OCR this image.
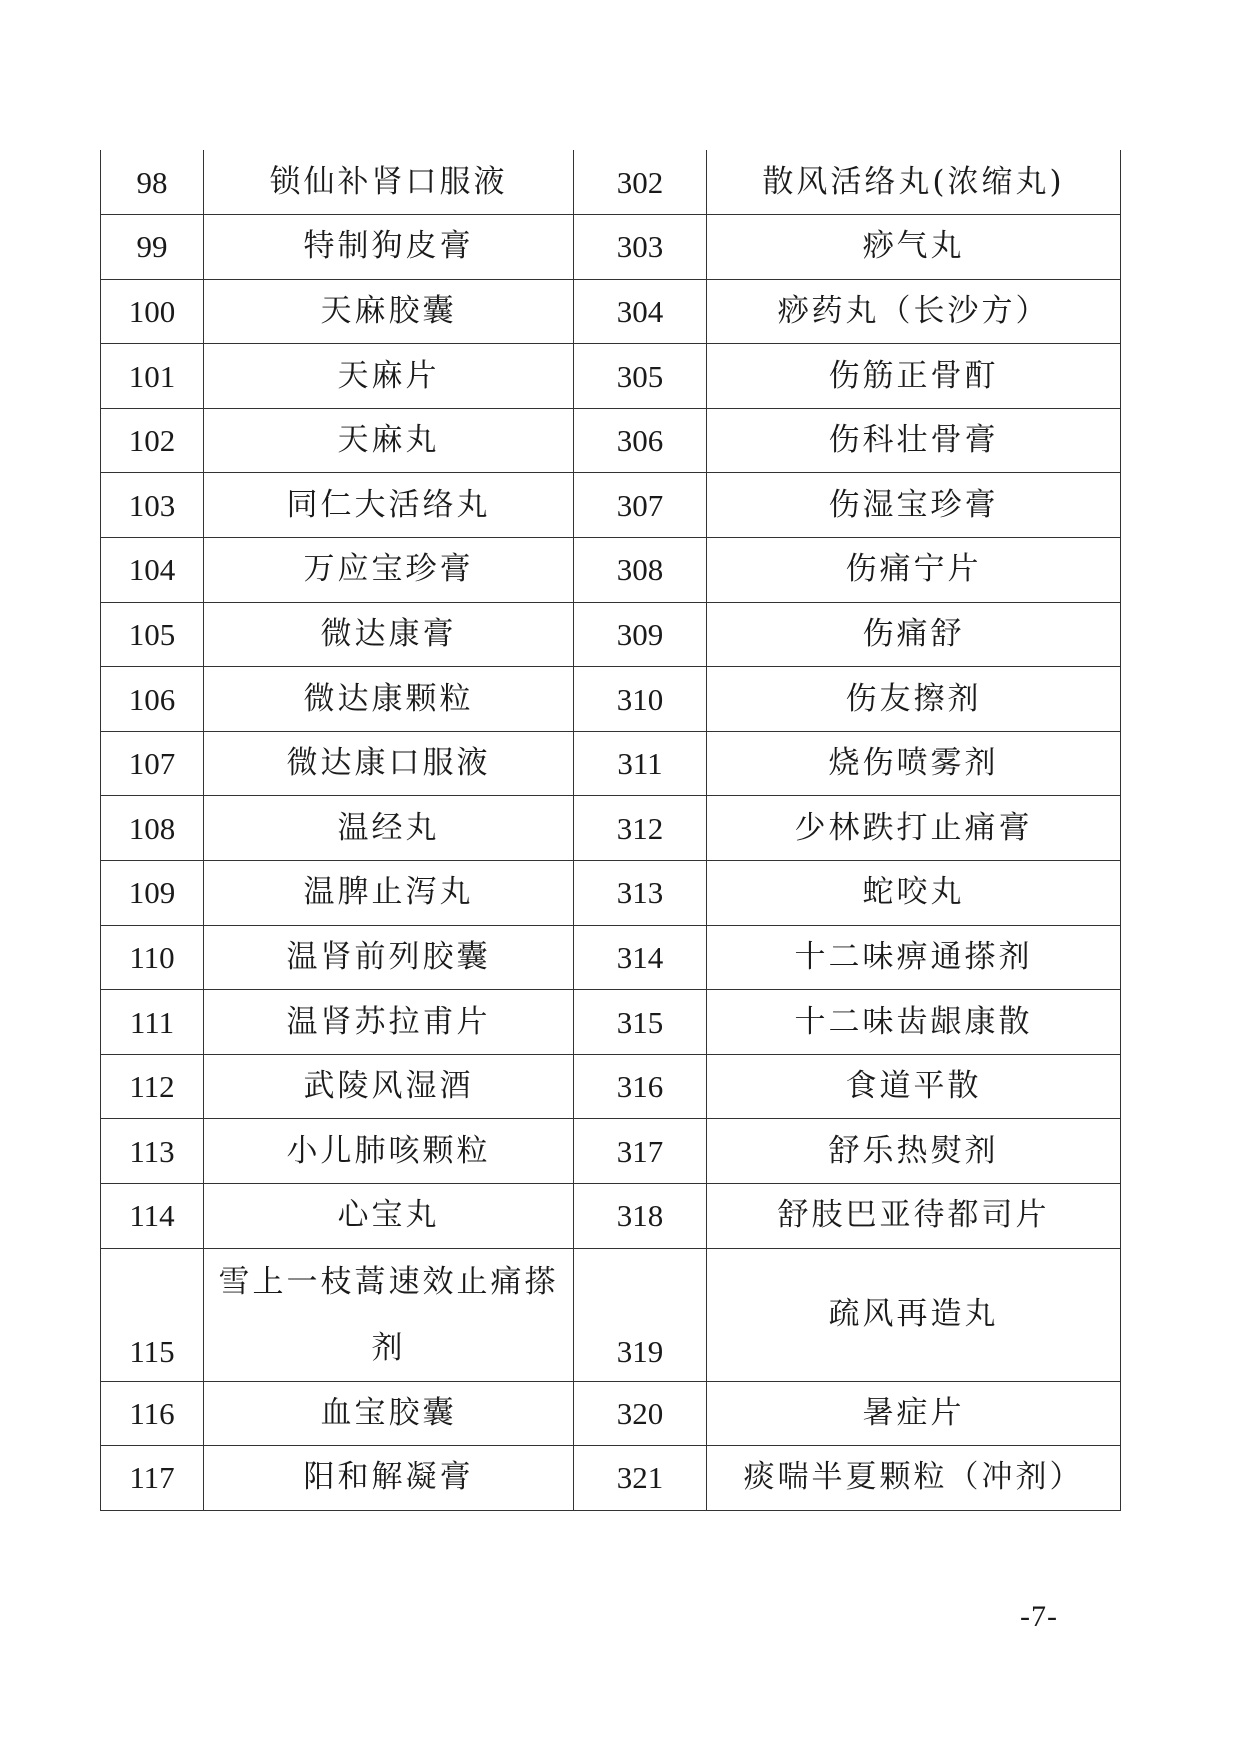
98	锁仙补肾口服液	302	散风活络丸(浓缩丸)
99	特制狗皮膏	303	痧气丸
100	天麻胶囊	304	痧药丸（长沙方）
101	天麻片	305	伤筋正骨酊
102	天麻丸	306	伤科壮骨膏
103	同仁大活络丸	307	伤湿宝珍膏
104	万应宝珍膏	308	伤痛宁片
105	微达康膏	309	伤痛舒
106	微达康颗粒	310	伤友擦剂
107	微达康口服液	311	烧伤喷雾剂
108	温经丸	312	少林跌打止痛膏
109	温脾止泻丸	313	蛇咬丸
110	温肾前列胶囊	314	十二味痹通搽剂
111	温肾苏拉甫片	315	十二味齿龈康散
112	武陵风湿酒	316	食道平散
113	小儿肺咳颗粒	317	舒乐热熨剂
114	心宝丸	318	舒肢巴亚待都司片
115	雪上一枝蒿速效止痛搽剂	319	疏风再造丸
116	血宝胶囊	320	暑症片
117	阳和解凝膏	321	痰喘半夏颗粒（冲剂）
-7-
